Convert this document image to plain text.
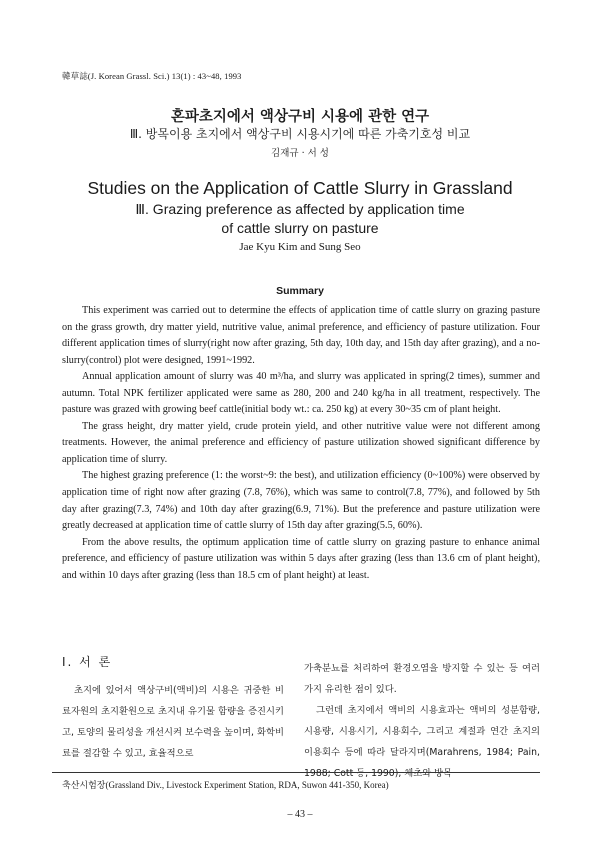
韓草誌(J. Korean Grassl. Sci.) 13(1) : 43~48, 1993
혼파초지에서 액상구비 시용에 관한 연구
Ⅲ. 방목이용 초지에서 액상구비 시용시기에 따른 가축기호성 비교
김재규 · 서 성
Studies on the Application of Cattle Slurry in Grassland
Ⅲ. Grazing preference as affected by application time
of cattle slurry on pasture
Jae Kyu Kim and Sung Seo
Summary

This experiment was carried out to determine the effects of application time of cattle slurry on grazing pasture on the grass growth, dry matter yield, nutritive value, animal preference, and efficiency of pasture utilization. Four different application times of slurry(right now after grazing, 5th day, 10th day, and 15th day after grazing), and a no-slurry(control) plot were designed, 1991~1992.

Annual application amount of slurry was 40 m³/ha, and slurry was applicated in spring(2 times), summer and autumn. Total NPK fertilizer applicated were same as 280, 200 and 240 kg/ha in all treatment, respectively. The pasture was grazed with growing beef cattle(initial body wt.: ca. 250 kg) at every 30~35 cm of plant height.

The grass height, dry matter yield, crude protein yield, and other nutritive value were not different among treatments. However, the animal preference and efficiency of pasture utilization showed significant difference by application time of slurry.

The highest grazing preference (1: the worst~9: the best), and utilization efficiency (0~100%) were observed by application time of right now after grazing (7.8, 76%), which was same to control(7.8, 77%), and followed by 5th day after grazing(7.3, 74%) and 10th day after grazing(6.9, 71%). But the preference and pasture utilization were greatly decreased at application time of cattle slurry of 15th day after grazing(5.5, 60%).

From the above results, the optimum application time of cattle slurry on grazing pasture to enhance animal preference, and efficiency of pasture utilization was within 5 days after grazing (less than 13.6 cm of plant height), and within 10 days after grazing (less than 18.5 cm of plant height) at least.

Ⅰ. 서 론

초지에 있어서 액상구비(액비)의 시용은 귀중한 비료자원의 초지환원으로 초지내 유기물 함량을 증진시키고, 토양의 물리성을 개선시켜 보수력을 높이며, 화학비료를 절감할 수 있고, 효율적으로

가축분뇨를 처리하여 환경오염을 방지할 수 있는 등 여러 가지 유리한 점이 있다.

그런데 초지에서 액비의 시용효과는 액비의 성분함량, 시용량, 시용시기, 시용회수, 그리고 계절과 연간 초지의 이용회수 등에 따라 달라지며(Marahrens, 1984; Pain, 1988; Cott 등, 1990), 채초와 방목

축산시험장(Grassland Div., Livestock Experiment Station, RDA, Suwon 441-350, Korea)
– 43 –
